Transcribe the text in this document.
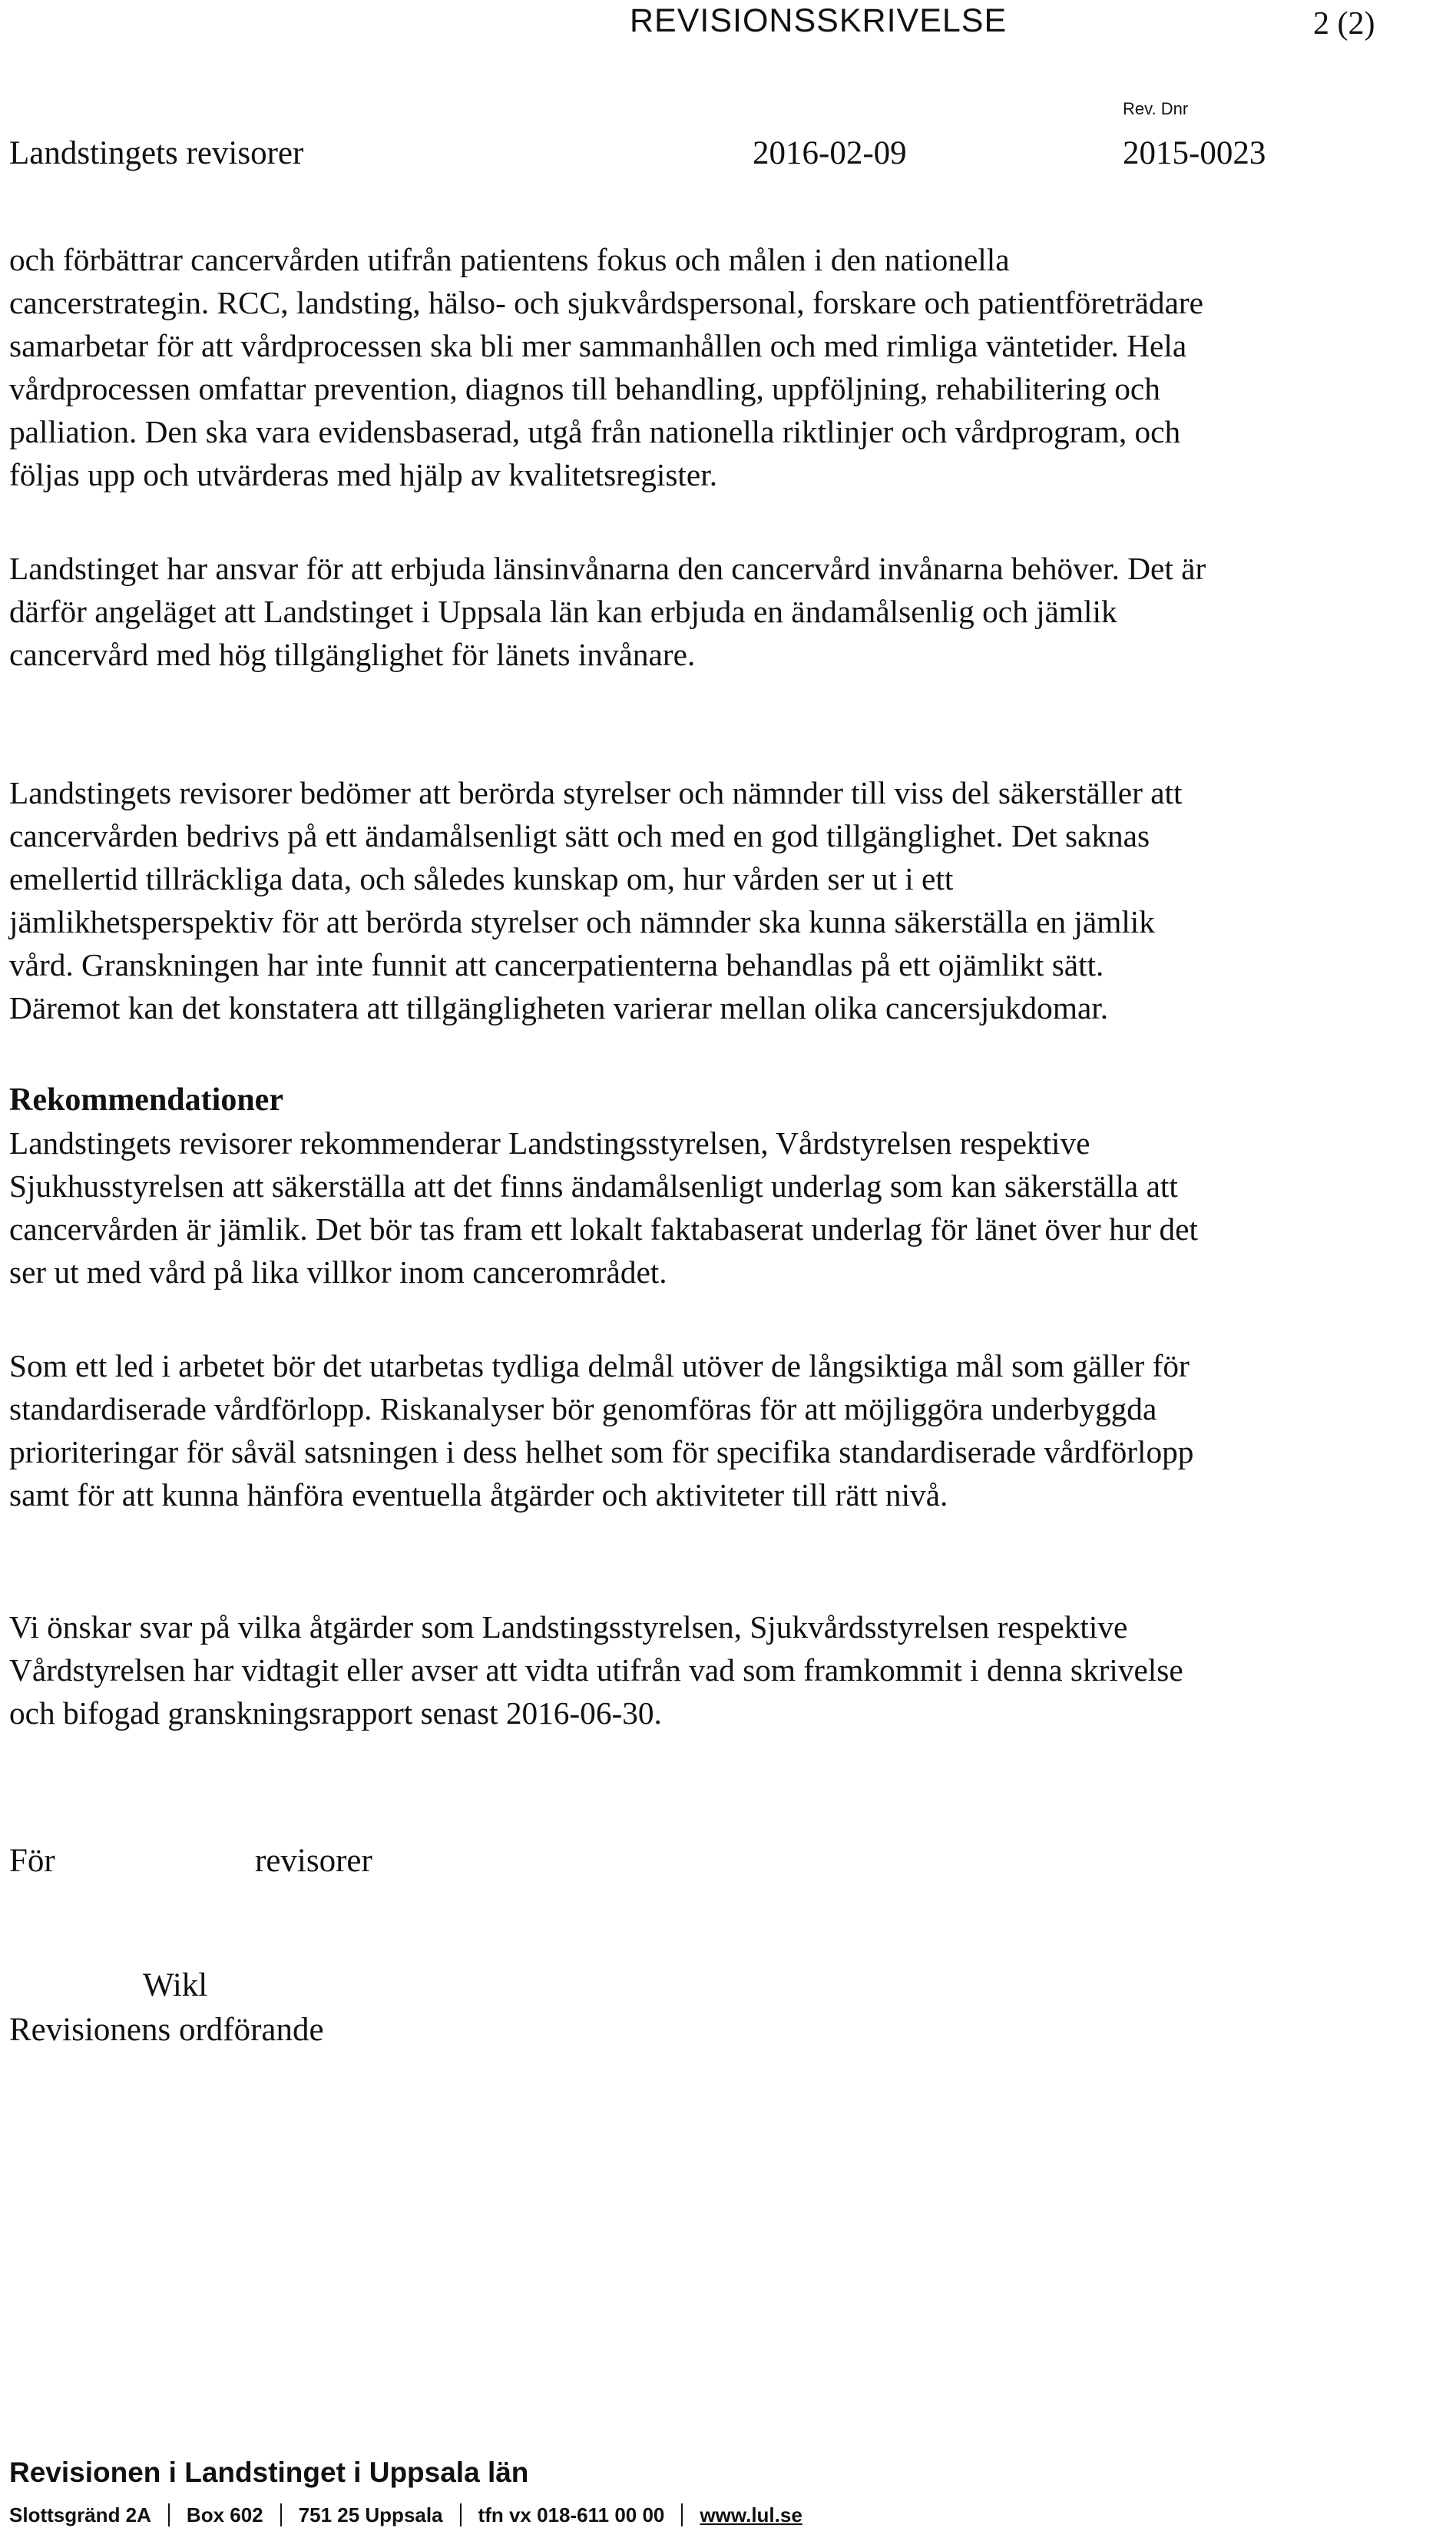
REVISIONSSKRIVELSE	2 (2)
Rev. Dnr
Landstingets revisorer	2016-02-09	2015-0023

och förbättrar cancervården utifrån patientens fokus och målen i den nationella
cancerstrategin. RCC, landsting, hälso- och sjukvårdspersonal, forskare och patientföreträdare
samarbetar för att vårdprocessen ska bli mer sammanhållen och med rimliga väntetider. Hela
vårdprocessen omfattar prevention, diagnos till behandling, uppföljning, rehabilitering och
palliation. Den ska vara evidensbaserad, utgå från nationella riktlinjer och vårdprogram, och
följas upp och utvärderas med hjälp av kvalitetsregister.

Landstinget har ansvar för att erbjuda länsinvånarna den cancervård invånarna behöver. Det är
därför angeläget att Landstinget i Uppsala län kan erbjuda en ändamålsenlig och jämlik
cancervård med hög tillgänglighet för länets invånare.

Landstingets revisorer bedömer att berörda styrelser och nämnder till viss del säkerställer att
cancervården bedrivs på ett ändamålsenligt sätt och med en god tillgänglighet. Det saknas
emellertid tillräckliga data, och således kunskap om, hur vården ser ut i ett
jämlikhetsperspektiv för att berörda styrelser och nämnder ska kunna säkerställa en jämlik
vård. Granskningen har inte funnit att cancerpatienterna behandlas på ett ojämlikt sätt.
Däremot kan det konstatera att tillgängligheten varierar mellan olika cancersjukdomar.

Rekommendationer

Landstingets revisorer rekommenderar Landstingsstyrelsen, Vårdstyrelsen respektive
Sjukhusstyrelsen att säkerställa att det finns ändamålsenligt underlag som kan säkerställa att
cancervården är jämlik. Det bör tas fram ett lokalt faktabaserat underlag för länet över hur det
ser ut med vård på lika villkor inom cancerområdet.

Som ett led i arbetet bör det utarbetas tydliga delmål utöver de långsiktiga mål som gäller för
standardiserade vårdförlopp. Riskanalyser bör genomföras för att möjliggöra underbyggda
prioriteringar för såväl satsningen i dess helhet som för specifika standardiserade vårdförlopp
samt för att kunna hänföra eventuella åtgärder och aktiviteter till rätt nivå.

Vi önskar svar på vilka åtgärder som Landstingsstyrelsen, Sjukvårdsstyrelsen respektive
Vårdstyrelsen har vidtagit eller avser att vidta utifrån vad som framkommit i denna skrivelse
och bifogad granskningsrapport senast 2016-06-30.

För	revisorer
Wikl
Revisionens ordförande
Revisionen i Landstinget i Uppsala län
Slottsgränd 2A Box 602 751 25 Uppsala tfn vx 018-611 00 00 www.lul.se
